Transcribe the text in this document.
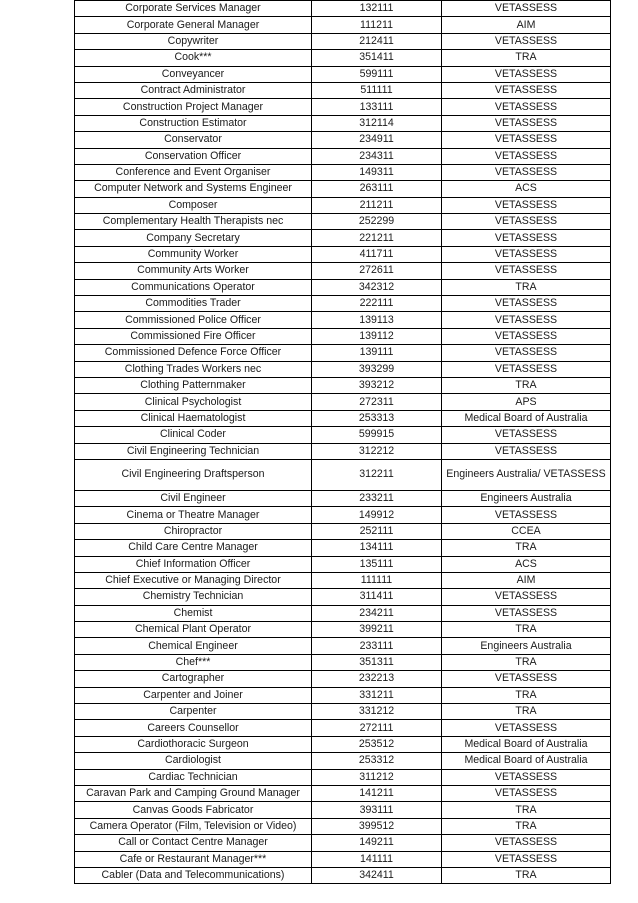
Corporate Services Manager	132111	VETASSESS
Corporate General Manager	111211	AIM
Copywriter	212411	VETASSESS
Cook***	351411	TRA
Conveyancer	599111	VETASSESS
Contract Administrator	511111	VETASSESS
Construction Project Manager	133111	VETASSESS
Construction Estimator	312114	VETASSESS
Conservator	234911	VETASSESS
Conservation Officer	234311	VETASSESS
Conference and Event Organiser	149311	VETASSESS
Computer Network and Systems Engineer	263111	ACS
Composer	211211	VETASSESS
Complementary Health Therapists nec	252299	VETASSESS
Company Secretary	221211	VETASSESS
Community Worker	411711	VETASSESS
Community Arts Worker	272611	VETASSESS
Communications Operator	342312	TRA
Commodities Trader	222111	VETASSESS
Commissioned Police Officer	139113	VETASSESS
Commissioned Fire Officer	139112	VETASSESS
Commissioned Defence Force Officer	139111	VETASSESS
Clothing Trades Workers nec	393299	VETASSESS
Clothing Patternmaker	393212	TRA
Clinical Psychologist	272311	APS
Clinical Haematologist	253313	Medical Board of Australia
Clinical Coder	599915	VETASSESS
Civil Engineering Technician	312212	VETASSESS
Civil Engineering Draftsperson	312211	Engineers Australia/ VETASSESS
Civil Engineer	233211	Engineers Australia
Cinema or Theatre Manager	149912	VETASSESS
Chiropractor	252111	CCEA
Child Care Centre Manager	134111	TRA
Chief Information Officer	135111	ACS
Chief Executive or Managing Director	111111	AIM
Chemistry Technician	311411	VETASSESS
Chemist	234211	VETASSESS
Chemical Plant Operator	399211	TRA
Chemical Engineer	233111	Engineers Australia
Chef***	351311	TRA
Cartographer	232213	VETASSESS
Carpenter and Joiner	331211	TRA
Carpenter	331212	TRA
Careers Counsellor	272111	VETASSESS
Cardiothoracic Surgeon	253512	Medical Board of Australia
Cardiologist	253312	Medical Board of Australia
Cardiac Technician	311212	VETASSESS
Caravan Park and Camping Ground Manager	141211	VETASSESS
Canvas Goods Fabricator	393111	TRA
Camera Operator (Film, Television or Video)	399512	TRA
Call or Contact Centre Manager	149211	VETASSESS
Cafe or Restaurant Manager***	141111	VETASSESS
Cabler (Data and Telecommunications)	342411	TRA
